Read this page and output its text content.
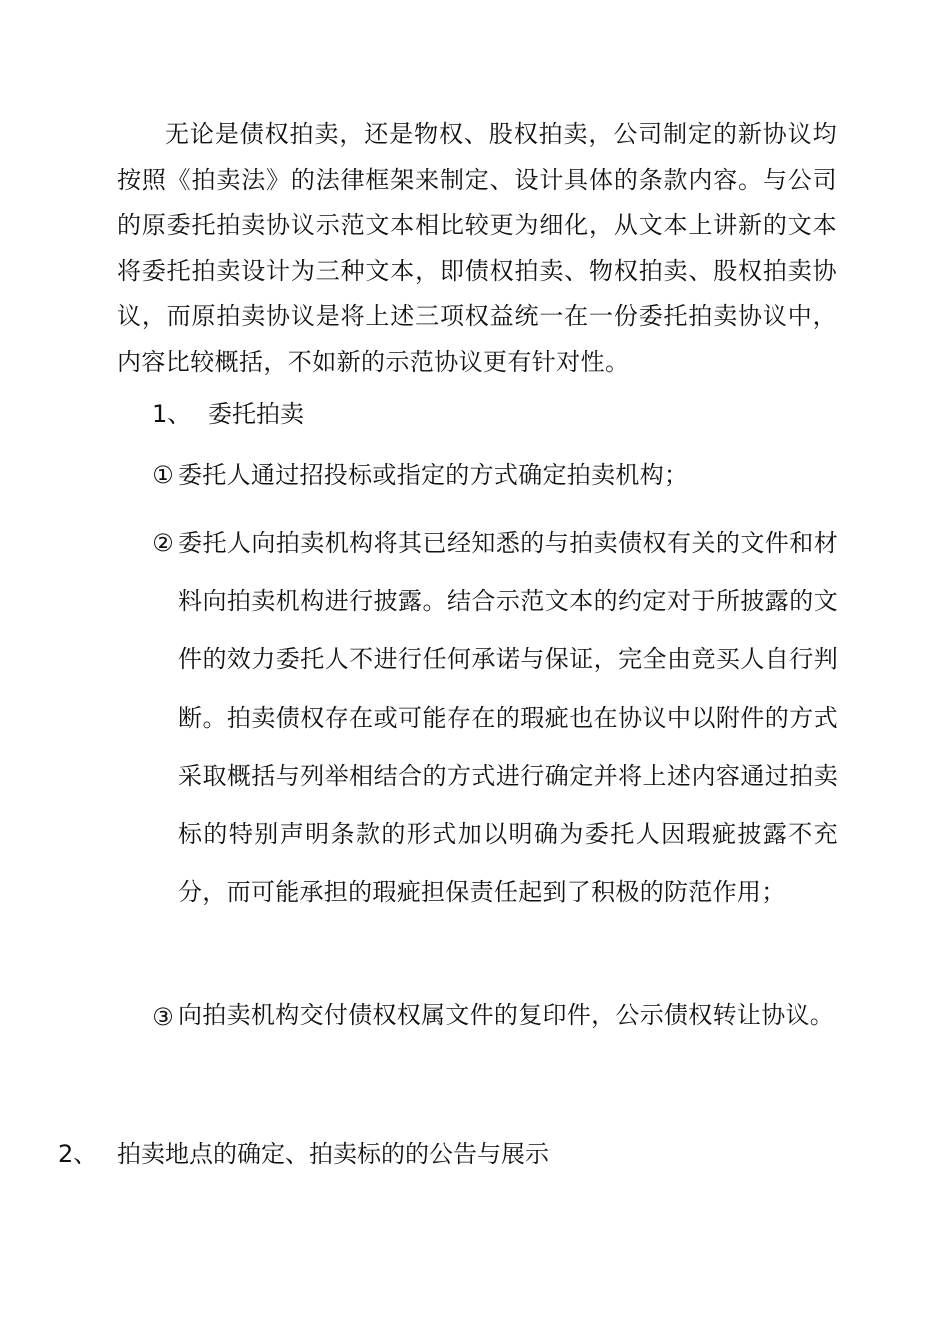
无论是债权拍卖，还是物权、股权拍卖，公司制定的新协议均按照《拍卖法》的法律框架来制定、设计具体的条款内容。与公司的原委托拍卖协议示范文本相比较更为细化，从文本上讲新的文本将委托拍卖设计为三种文本，即债权拍卖、物权拍卖、股权拍卖协议，而原拍卖协议是将上述三项权益统一在一份委托拍卖协议中，内容比较概括，不如新的示范协议更有针对性。

1、 委托拍卖

① 委托人通过招投标或指定的方式确定拍卖机构；
② 委托人向拍卖机构将其已经知悉的与拍卖债权有关的文件和材料向拍卖机构进行披露。结合示范文本的约定对于所披露的文件的效力委托人不进行任何承诺与保证，完全由竞买人自行判断。拍卖债权存在或可能存在的瑕疵也在协议中以附件的方式采取概括与列举相结合的方式进行确定并将上述内容通过拍卖标的特别声明条款的形式加以明确为委托人因瑕疵披露不充分，而可能承担的瑕疵担保责任起到了积极的防范作用；
③ 向拍卖机构交付债权权属文件的复印件，公示债权转让协议。

2、 拍卖地点的确定、拍卖标的的公告与展示
